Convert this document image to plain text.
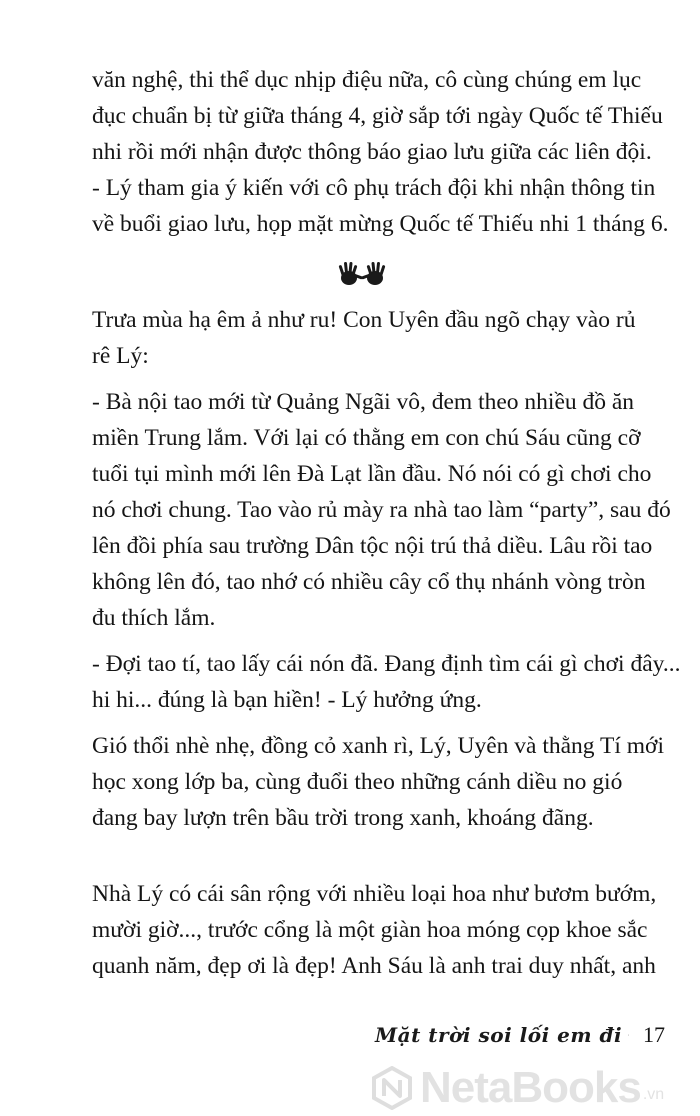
văn nghệ, thi thể dục nhịp điệu nữa, cô cùng chúng em lục
đục chuẩn bị từ giữa tháng 4, giờ sắp tới ngày Quốc tế Thiếu
nhi rồi mới nhận được thông báo giao lưu giữa các liên đội.
- Lý tham gia ý kiến với cô phụ trách đội khi nhận thông tin
về buổi giao lưu, họp mặt mừng Quốc tế Thiếu nhi 1 tháng 6.

Trưa mùa hạ êm ả như ru! Con Uyên đầu ngõ chạy vào rủ
rê Lý:

- Bà nội tao mới từ Quảng Ngãi vô, đem theo nhiều đồ ăn
miền Trung lắm. Với lại có thằng em con chú Sáu cũng cỡ
tuổi tụi mình mới lên Đà Lạt lần đầu. Nó nói có gì chơi cho
nó chơi chung. Tao vào rủ mày ra nhà tao làm “party”, sau đó
lên đồi phía sau trường Dân tộc nội trú thả diều. Lâu rồi tao
không lên đó, tao nhớ có nhiều cây cổ thụ nhánh vòng tròn
đu thích lắm.

- Đợi tao tí, tao lấy cái nón đã. Đang định tìm cái gì chơi đây...
hi hi... đúng là bạn hiền! - Lý hưởng ứng.

Gió thổi nhè nhẹ, đồng cỏ xanh rì, Lý, Uyên và thằng Tí mới
học xong lớp ba, cùng đuổi theo những cánh diều no gió
đang bay lượn trên bầu trời trong xanh, khoáng đãng.

Nhà Lý có cái sân rộng với nhiều loại hoa như bươm bướm,
mười giờ..., trước cổng là một giàn hoa móng cọp khoe sắc
quanh năm, đẹp ơi là đẹp! Anh Sáu là anh trai duy nhất, anh

Mặt trời soi lối em đi 17
NetaBooks .vn
